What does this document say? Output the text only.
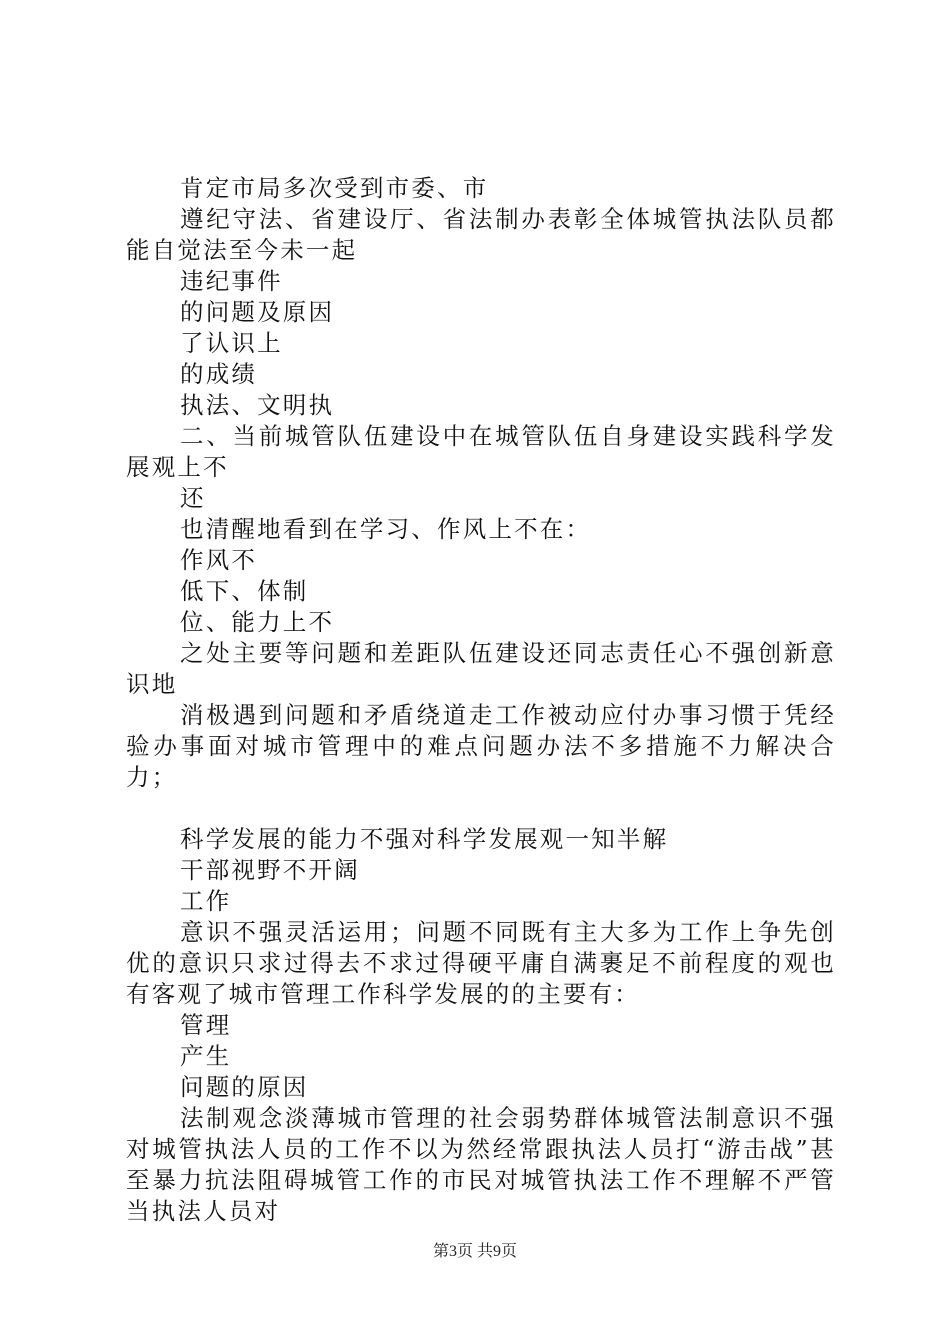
肯定市局多次受到市委、市

遵纪守法、省建设厅、省法制办表彰全体城管执法队员都能自觉法至今未一起

违纪事件

的问题及原因

了认识上

的成绩

执法、文明执

二、当前城管队伍建设中在城管队伍自身建设实践科学发展观上不

还

也清醒地看到在学习、作风上不在：

作风不

低下、体制

位、能力上不

之处主要等问题和差距队伍建设还同志责任心不强创新意识地

消极遇到问题和矛盾绕道走工作被动应付办事习惯于凭经验办事面对城市管理中的难点问题办法不多措施不力解决合力；

科学发展的能力不强对科学发展观一知半解

干部视野不开阔

工作

意识不强灵活运用；问题不同既有主大多为工作上争先创优的意识只求过得去不求过得硬平庸自满裹足不前程度的观也有客观了城市管理工作科学发展的的主要有：

管理

产生

问题的原因

法制观念淡薄城市管理的社会弱势群体城管法制意识不强对城管执法人员的工作不以为然经常跟执法人员打“游击战”甚至暴力抗法阻碍城管工作的市民对城管执法工作不理解不严管当执法人员对

第3页 共9页
